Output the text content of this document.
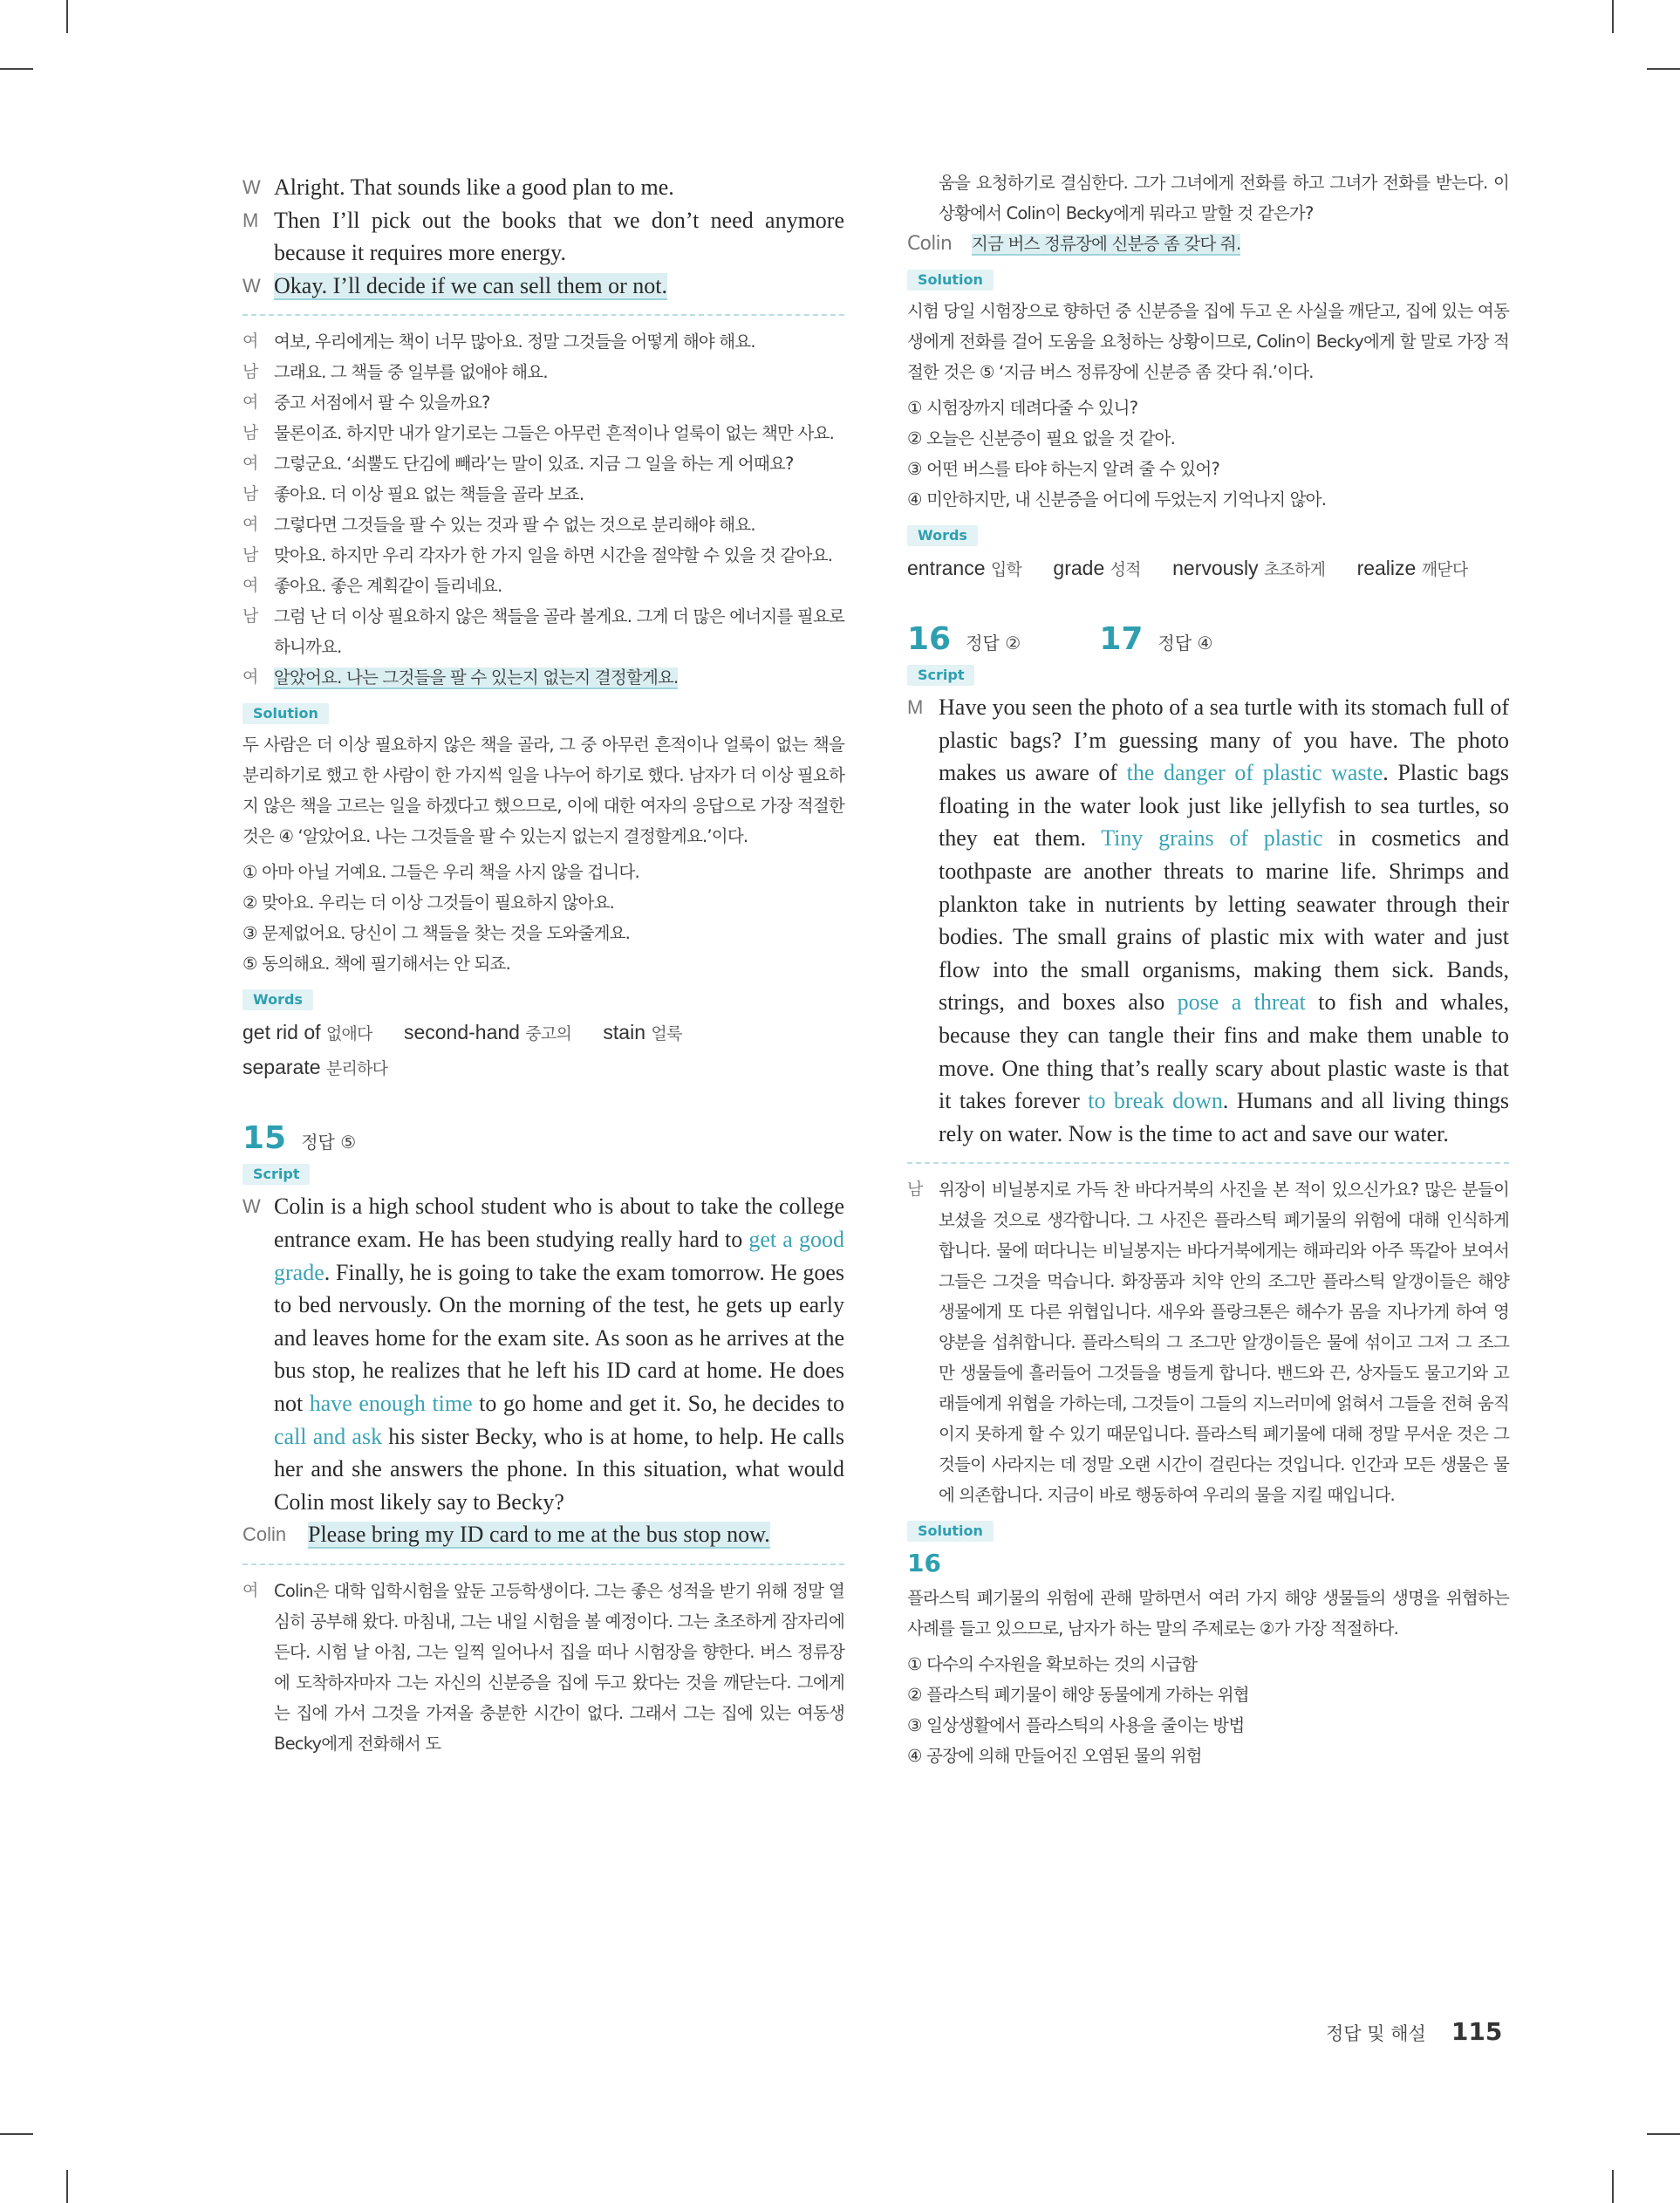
W Alright. That sounds like a good plan to me.
M Then I’ll pick out the books that we don’t need anymore because it requires more energy.
W Okay. I’ll decide if we can sell them or not.
여 여보, 우리에게는 책이 너무 많아요. 정말 그것들을 어떻게 해야 해요.
남 그래요. 그 책들 중 일부를 없애야 해요.
여 중고 서점에서 팔 수 있을까요?
남 물론이죠. 하지만 내가 알기로는 그들은 아무런 흔적이나 얼룩이 없는 책만 사요.
여 그렇군요. ‘쇠뿔도 단김에 빼라’는 말이 있죠. 지금 그 일을 하는 게 어때요?
남 좋아요. 더 이상 필요 없는 책들을 골라 보죠.
여 그렇다면 그것들을 팔 수 있는 것과 팔 수 없는 것으로 분리해야 해요.
남 맞아요. 하지만 우리 각자가 한 가지 일을 하면 시간을 절약할 수 있을 것 같아요.
여 좋아요. 좋은 계획같이 들리네요.
남 그럼 난 더 이상 필요하지 않은 책들을 골라 볼게요. 그게 더 많은 에너지를 필요로 하니까요.
여 알았어요. 나는 그것들을 팔 수 있는지 없는지 결정할게요.
Solution
두 사람은 더 이상 필요하지 않은 책을 골라, 그 중 아무런 흔적이나 얼룩이 없는 책을 분리하기로 했고 한 사람이 한 가지씩 일을 나누어 하기로 했다. 남자가 더 이상 필요하지 않은 책을 고르는 일을 하겠다고 했으므로, 이에 대한 여자의 응답으로 가장 적절한 것은 ④ ‘알았어요. 나는 그것들을 팔 수 있는지 없는지 결정할게요.’이다.
① 아마 아닐 거예요. 그들은 우리 책을 사지 않을 겁니다.
② 맞아요. 우리는 더 이상 그것들이 필요하지 않아요.
③ 문제없어요. 당신이 그 책들을 찾는 것을 도와줄게요.
⑤ 동의해요. 책에 필기해서는 안 되죠.
Words
get rid of 없애다 second-hand 중고의 stain 얼룩
separate 분리하다
15 정답 ⑤
Script
W Colin is a high school student who is about to take the college entrance exam. He has been studying really hard to get a good grade. Finally, he is going to take the exam tomorrow. He goes to bed nervously. On the morning of the test, he gets up early and leaves home for the exam site. As soon as he arrives at the bus stop, he realizes that he left his ID card at home. He does not have enough time to go home and get it. So, he decides to call and ask his sister Becky, who is at home, to help. He calls her and she answers the phone. In this situation, what would Colin most likely say to Becky?
Colin Please bring my ID card to me at the bus stop now.
여 Colin은 대학 입학시험을 앞둔 고등학생이다. 그는 좋은 성적을 받기 위해 정말 열심히 공부해 왔다. 마침내, 그는 내일 시험을 볼 예정이다. 그는 초조하게 잠자리에 든다. 시험 날 아침, 그는 일찍 일어나서 집을 떠나 시험장을 향한다. 버스 정류장에 도착하자마자 그는 자신의 신분증을 집에 두고 왔다는 것을 깨닫는다. 그에게는 집에 가서 그것을 가져올 충분한 시간이 없다. 그래서 그는 집에 있는 여동생 Becky에게 전화해서 도
움을 요청하기로 결심한다. 그가 그녀에게 전화를 하고 그녀가 전화를 받는다. 이 상황에서 Colin이 Becky에게 뭐라고 말할 것 같은가?
Colin 지금 버스 정류장에 신분증 좀 갖다 줘.
Solution
시험 당일 시험장으로 향하던 중 신분증을 집에 두고 온 사실을 깨닫고, 집에 있는 여동생에게 전화를 걸어 도움을 요청하는 상황이므로, Colin이 Becky에게 할 말로 가장 적절한 것은 ⑤ ‘지금 버스 정류장에 신분증 좀 갖다 줘.’이다.
① 시험장까지 데려다줄 수 있니?
② 오늘은 신분증이 필요 없을 것 같아.
③ 어떤 버스를 타야 하는지 알려 줄 수 있어?
④ 미안하지만, 내 신분증을 어디에 두었는지 기억나지 않아.
Words
entrance 입학 grade 성적 nervously 초조하게 realize 깨닫다
16 정답 ②	17 정답 ④
Script
M Have you seen the photo of a sea turtle with its stomach full of plastic bags? I’m guessing many of you have. The photo makes us aware of the danger of plastic waste. Plastic bags floating in the water look just like jellyfish to sea turtles, so they eat them. Tiny grains of plastic in cosmetics and toothpaste are another threats to marine life. Shrimps and plankton take in nutrients by letting seawater through their bodies. The small grains of plastic mix with water and just flow into the small organisms, making them sick. Bands, strings, and boxes also pose a threat to fish and whales, because they can tangle their fins and make them unable to move. One thing that’s really scary about plastic waste is that it takes forever to break down. Humans and all living things rely on water. Now is the time to act and save our water.
남 위장이 비닐봉지로 가득 찬 바다거북의 사진을 본 적이 있으신가요? 많은 분들이 보셨을 것으로 생각합니다. 그 사진은 플라스틱 폐기물의 위험에 대해 인식하게 합니다. 물에 떠다니는 비닐봉지는 바다거북에게는 해파리와 아주 똑같아 보여서 그들은 그것을 먹습니다. 화장품과 치약 안의 조그만 플라스틱 알갱이들은 해양 생물에게 또 다른 위협입니다. 새우와 플랑크톤은 해수가 몸을 지나가게 하여 영양분을 섭취합니다. 플라스틱의 그 조그만 알갱이들은 물에 섞이고 그저 그 조그만 생물들에 흘러들어 그것들을 병들게 합니다. 밴드와 끈, 상자들도 물고기와 고래들에게 위협을 가하는데, 그것들이 그들의 지느러미에 얽혀서 그들을 전혀 움직이지 못하게 할 수 있기 때문입니다. 플라스틱 폐기물에 대해 정말 무서운 것은 그것들이 사라지는 데 정말 오랜 시간이 걸린다는 것입니다. 인간과 모든 생물은 물에 의존합니다. 지금이 바로 행동하여 우리의 물을 지킬 때입니다.
Solution
16
플라스틱 폐기물의 위험에 관해 말하면서 여러 가지 해양 생물들의 생명을 위협하는 사례를 들고 있으므로, 남자가 하는 말의 주제로는 ②가 가장 적절하다.
① 다수의 수자원을 확보하는 것의 시급함
② 플라스틱 폐기물이 해양 동물에게 가하는 위협
③ 일상생활에서 플라스틱의 사용을 줄이는 방법
④ 공장에 의해 만들어진 오염된 물의 위험
정답 및 해설 115
